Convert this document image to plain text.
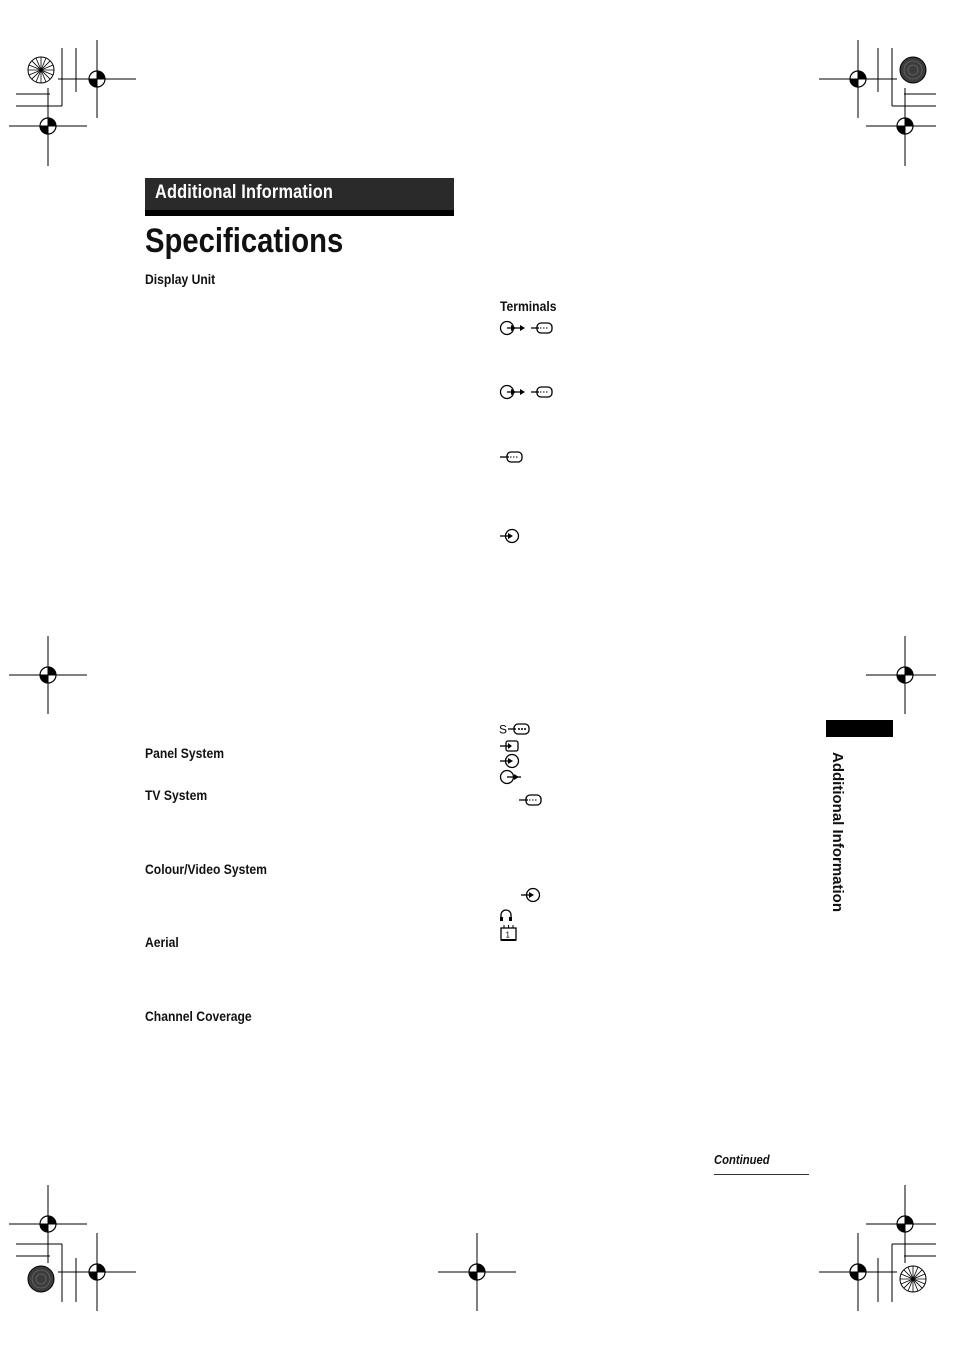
Additional Information
Specifications
Display Unit
Panel System
TV System
Colour/Video System
Aerial
Channel Coverage
Terminals
S
1
Additional Information
Continued
